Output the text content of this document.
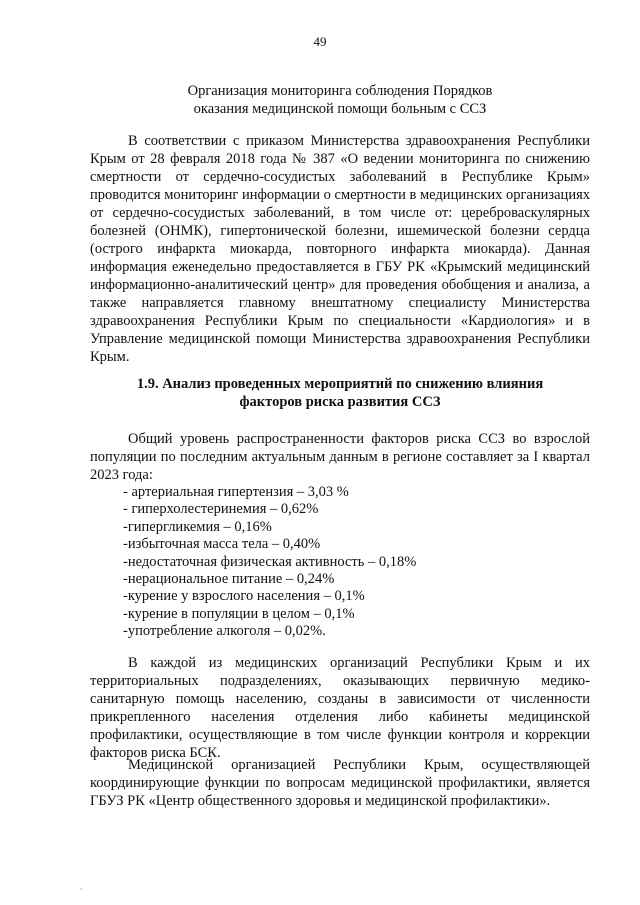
49
Организация мониторинга соблюдения Порядков
оказания медицинской помощи больным с ССЗ

В соответствии с приказом Министерства здравоохранения Республики Крым от 28 февраля 2018 года № 387 «О ведении мониторинга по снижению смертности от сердечно-сосудистых заболеваний в Республике Крым» проводится мониторинг информации о смертности в медицинских организациях от сердечно-сосудистых заболеваний, в том числе от: цереброваскулярных болезней (ОНМК), гипертонической болезни, ишемической болезни сердца (острого инфаркта миокарда, повторного инфаркта миокарда). Данная информация еженедельно предоставляется в ГБУ РК «Крымский медицинский информационно-аналитический центр» для проведения обобщения и анализа, а также направляется главному внештатному специалисту Министерства здравоохранения Республики Крым по специальности «Кардиология» и в Управление медицинской помощи Министерства здравоохранения Республики Крым.

1.9. Анализ проведенных мероприятий по снижению влияния
факторов риска развития ССЗ

Общий уровень распространенности факторов риска ССЗ во взрослой популяции по последним актуальным данным в регионе составляет за I квартал 2023 года:

- артериальная гипертензия – 3,03 %
- гиперхолестеринемия – 0,62%
-гипергликемия – 0,16%
-избыточная масса тела – 0,40%
-недостаточная физическая активность – 0,18%
-нерациональное питание – 0,24%
-курение у взрослого населения – 0,1%
-курение в популяции в целом – 0,1%
-употребление алкоголя – 0,02%.

В каждой из медицинских организаций Республики Крым и их территориальных подразделениях, оказывающих первичную медико-санитарную помощь населению, созданы в зависимости от численности прикрепленного населения отделения либо кабинеты медицинской профилактики, осуществляющие в том числе функции контроля и коррекции факторов риска БСК.

Медицинской организацией Республики Крым, осуществляющей координирующие функции по вопросам медицинской профилактики, является ГБУЗ РК «Центр общественного здоровья и медицинской профилактики».
